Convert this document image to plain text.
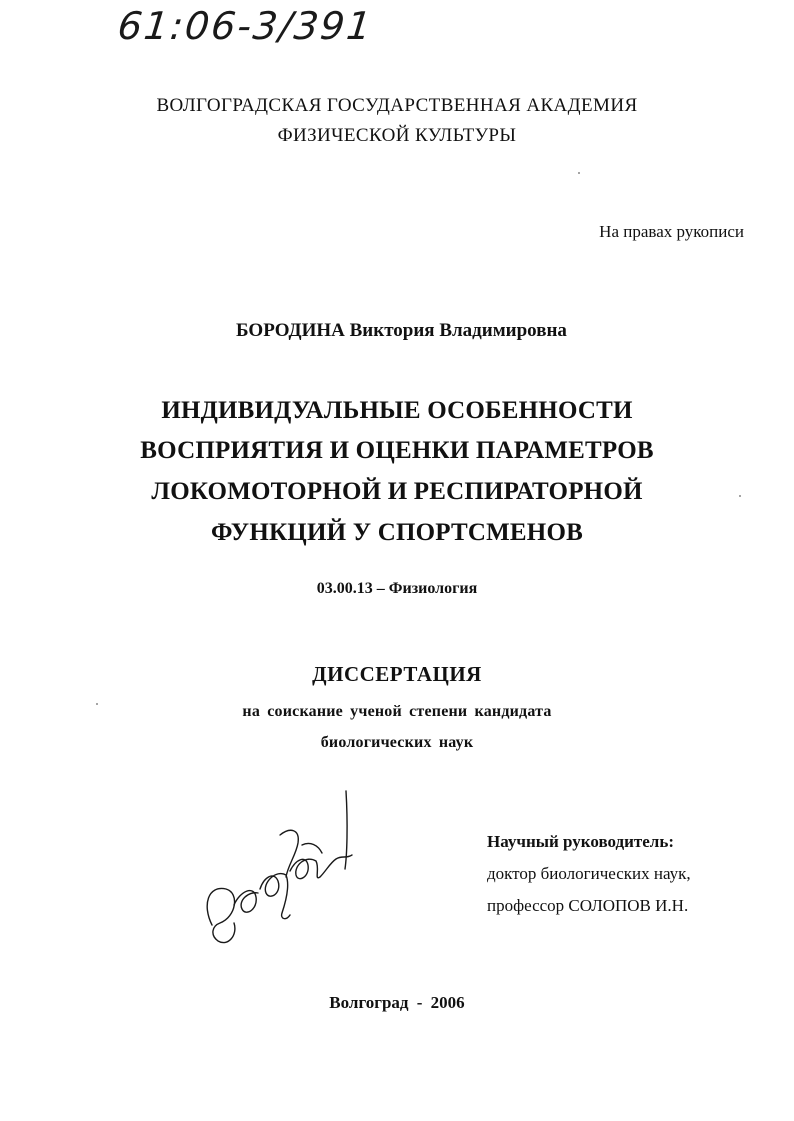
61:06-3/391
ВОЛГОГРАДСКАЯ ГОСУДАРСТВЕННАЯ АКАДЕМИЯ
ФИЗИЧЕСКОЙ КУЛЬТУРЫ
На правах рукописи
БОРОДИНА Виктория Владимировна
ИНДИВИДУАЛЬНЫЕ ОСОБЕННОСТИ
ВОСПРИЯТИЯ И ОЦЕНКИ ПАРАМЕТРОВ
ЛОКОМОТОРНОЙ И РЕСПИРАТОРНОЙ
ФУНКЦИЙ У СПОРТСМЕНОВ
03.00.13 – Физиология
ДИССЕРТАЦИЯ
на соискание ученой степени кандидата
биологических наук
Научный руководитель:
доктор биологических наук,
профессор СОЛОПОВ И.Н.
Волгоград - 2006
